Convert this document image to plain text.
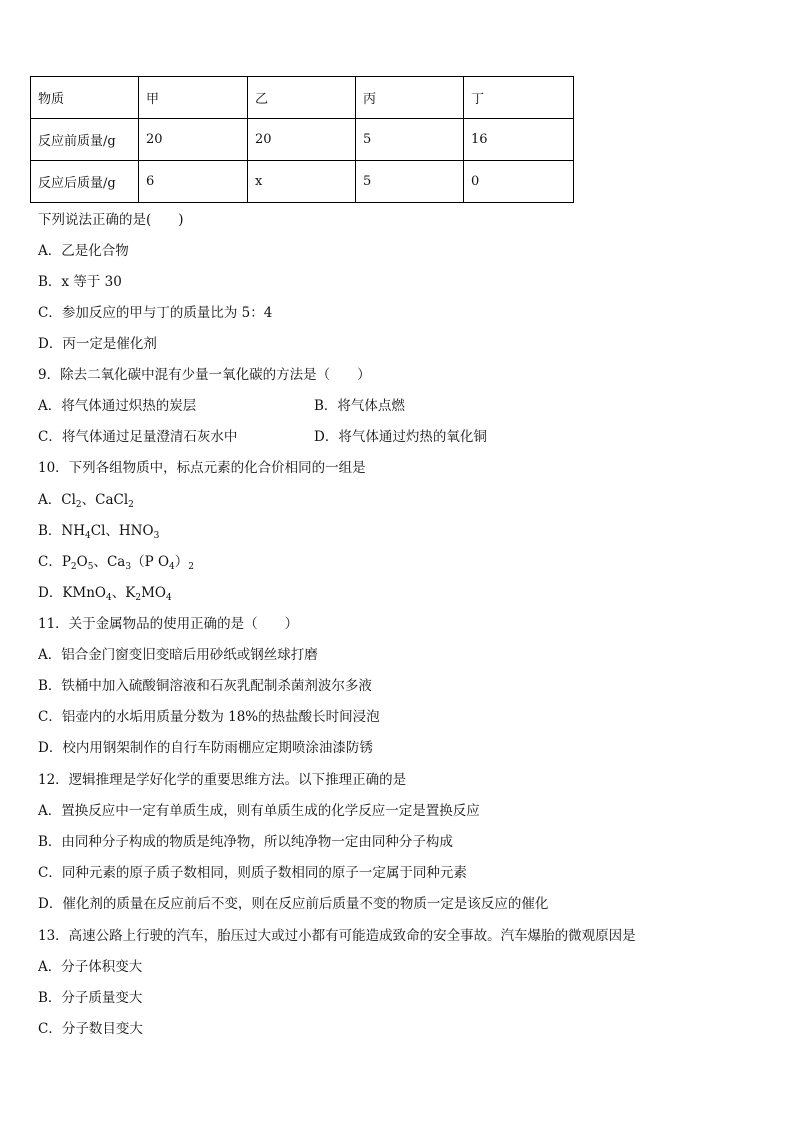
物质	甲	乙	丙	丁
反应前质量/g	20	20	5	16
反应后质量/g	6	x	5	0
下列说法正确的是(　　)
A．乙是化合物
B．x 等于 30
C．参加反应的甲与丁的质量比为 5：4
D．丙一定是催化剂
9．除去二氧化碳中混有少量一氧化碳的方法是（　　）
A．将气体通过炽热的炭层	B．将气体点燃
C．将气体通过足量澄清石灰水中	D．将气体通过灼热的氧化铜
10．下列各组物质中，标点元素的化合价相同的一组是
A．$Cl_2$、CaCl$_2$
B．$NH_4Cl$、$HNO_3$
C．$P_2O_5$、$Ca_3(P$ $O_4)_2$
D．KMnO$_4$、$K_2MO_4$
11．关于金属物品的使用正确的是（　　）
A．铝合金门窗变旧变暗后用砂纸或钢丝球打磨
B．铁桶中加入硫酸铜溶液和石灰乳配制杀菌剂波尔多液
C．铝壶内的水垢用质量分数为 18%的热盐酸长时间浸泡
D．校内用钢架制作的自行车防雨棚应定期喷涂油漆防锈
12．逻辑推理是学好化学的重要思维方法。以下推理正确的是
A．置换反应中一定有单质生成，则有单质生成的化学反应一定是置换反应
B．由同种分子构成的物质是纯净物，所以纯净物一定由同种分子构成
C．同种元素的原子质子数相同，则质子数相同的原子一定属于同种元素
D．催化剂的质量在反应前后不变，则在反应前后质量不变的物质一定是该反应的催化
13．高速公路上行驶的汽车，胎压过大或过小都有可能造成致命的安全事故。汽车爆胎的微观原因是
A．分子体积变大
B．分子质量变大
C．分子数目变大
